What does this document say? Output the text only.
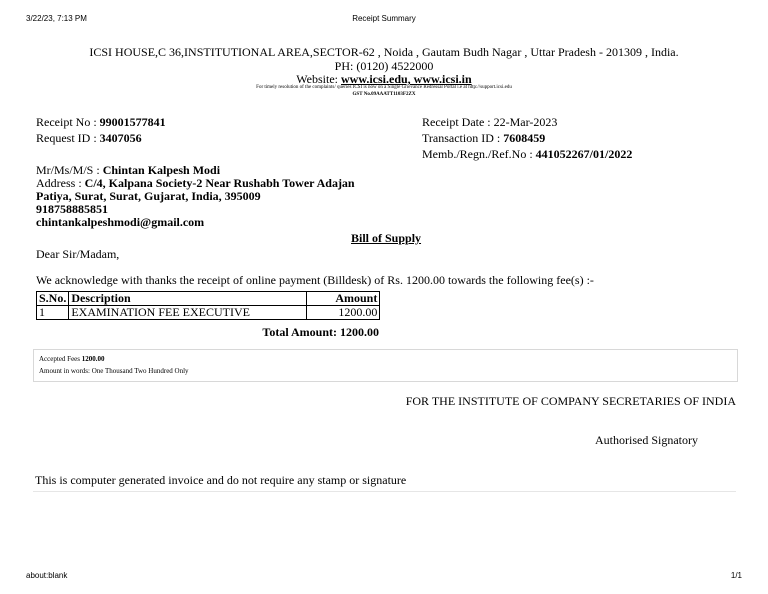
3/22/23, 7:13 PM	Receipt Summary
ICSI HOUSE,C 36,INSTITUTIONAL AREA,SECTOR-62 , Noida , Gautam Budh Nagar , Uttar Pradesh - 201309 , India.
PH: (0120) 4522000
Website: www.icsi.edu, www.icsi.in
For timely resolution of the complaints/ queries ICSI is now on a Single Grievance Redressal Portal i.e at http://support.icsi.edu
GST No.09AAATT1103F2ZX
Receipt No : 99001577841
Request ID : 3407056
Receipt Date : 22-Mar-2023
Transaction ID : 7608459
Memb./Regn./Ref.No : 441052267/01/2022
Mr/Ms/M/S : Chintan Kalpesh Modi
Address : C/4, Kalpana Society-2 Near Rushabh Tower Adajan
Patiya, Surat, Surat, Gujarat, India, 395009
918758885851
chintankalpeshmodi@gmail.com
Bill of Supply
Dear Sir/Madam,
We acknowledge with thanks the receipt of online payment (Billdesk) of Rs. 1200.00 towards the following fee(s) :-
S.No.	Description	Amount
1	EXAMINATION FEE EXECUTIVE	1200.00
Total Amount: 1200.00
Accepted Fees 1200.00
Amount in words: One Thousand Two Hundred Only
FOR THE INSTITUTE OF COMPANY SECRETARIES OF INDIA
Authorised Signatory
This is computer generated invoice and do not require any stamp or signature
about:blank	1/1
